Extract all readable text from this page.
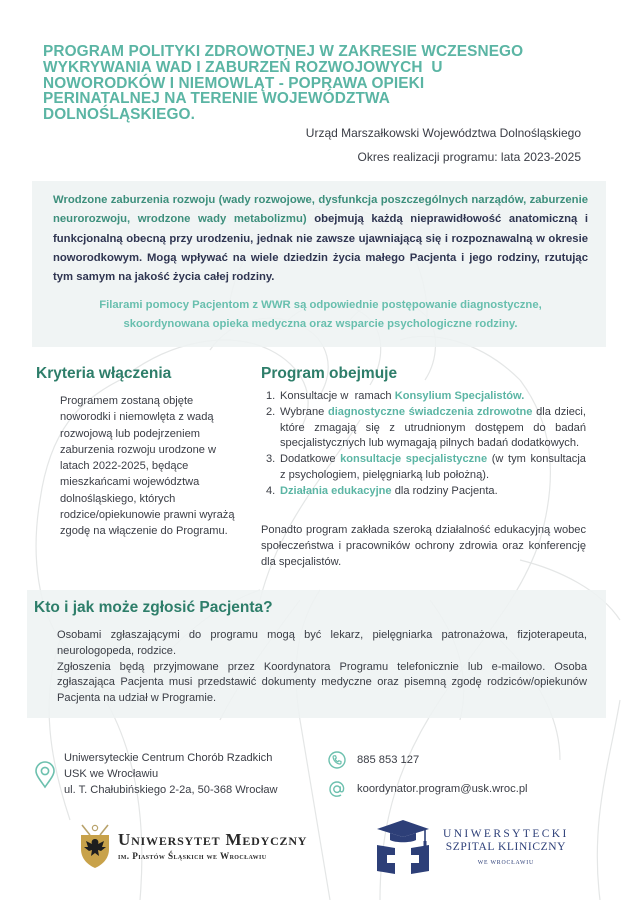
PROGRAM POLITYKI ZDROWOTNEJ W ZAKRESIE WCZESNEGO
WYKRYWANIA WAD I ZABURZEŃ ROZWOJOWYCH  U
NOWORODKÓW I NIEMOWLĄT - POPRAWA OPIEKI
PERINATALNEJ NA TERENIE WOJEWÓDZTWA
DOLNOŚLĄSKIEGO.
Urząd Marszałkowski Województwa Dolnośląskiego
Okres realizacji programu: lata 2023-2025
Wrodzone zaburzenia rozwoju (wady rozwojowe, dysfunkcja poszczególnych narządów, zaburzenie neurorozwoju, wrodzone wady metabolizmu) obejmują każdą nieprawidłowość anatomiczną i funkcjonalną obecną przy urodzeniu, jednak nie zawsze ujawniającą się i rozpoznawalną w okresie noworodkowym. Mogą wpływać na wiele dziedzin życia małego Pacjenta i jego rodziny, rzutując tym samym na jakość życia całej rodziny.
Filarami pomocy Pacjentom z WWR są odpowiednie postępowanie diagnostyczne,
skoordynowana opieka medyczna oraz wsparcie psychologiczne rodziny.
Kryteria włączenia
Programem zostaną objęte
noworodki i niemowlęta z wadą
rozwojową lub podejrzeniem
zaburzenia rozwoju urodzone w
latach 2022-2025, będące
mieszkańcami województwa
dolnośląskiego, których
rodzice/opiekunowie prawni wyrażą
zgodę na włączenie do Programu.
Program obejmuje
1. Konsultacje w  ramach Konsylium Specjalistów.
2. Wybrane diagnostyczne świadczenia zdrowotne dla dzieci, które zmagają się z utrudnionym dostępem do badań specjalistycznych lub wymagają pilnych badań dodatkowych.
3. Dodatkowe konsultacje specjalistyczne (w tym konsultacja z psychologiem, pielęgniarką lub położną).
4. Działania edukacyjne dla rodziny Pacjenta.
Ponadto program zakłada szeroką działalność edukacyjną wobec społeczeństwa i pracowników ochrony zdrowia oraz konferencję dla specjalistów.
Kto i jak może zgłosić Pacjenta?

Osobami zgłaszającymi do programu mogą być lekarz, pielęgniarka patronażowa, fizjoterapeuta, neurologopeda, rodzice.

Zgłoszenia będą przyjmowane przez Koordynatora Programu telefonicznie lub e-mailowo. Osoba zgłaszająca Pacjenta musi przedstawić dokumenty medyczne oraz pisemną zgodę rodziców/opiekunów Pacjenta na udział w Programie.

Uniwersyteckie Centrum Chorób Rzadkich
USK we Wrocławiu
ul. T. Chałubińskiego 2-2a, 50-368 Wrocław
885 853 127
koordynator.program@usk.wroc.pl
Uniwersytet Medyczny
im. Piastów Śląskich we Wrocławiu
UNIWERSYTECKI
SZPITAL KLINICZNY
WE WROCŁAWIU
